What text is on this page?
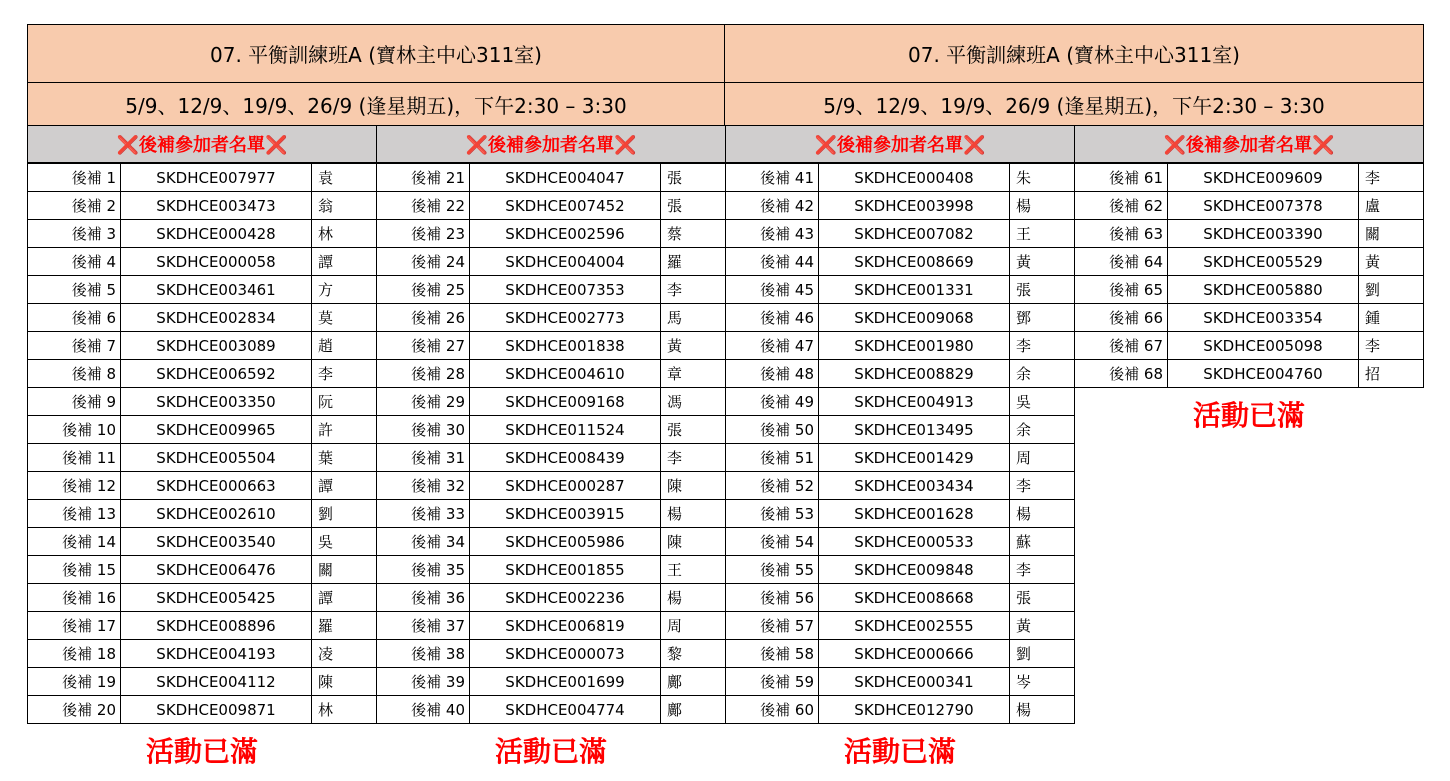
07. 平衡訓練班A (寶林主中心311室)
5/9、12/9、19/9、26/9 (逢星期五)，下午2:30 – 3:30
07. 平衡訓練班A (寶林主中心311室)
5/9、12/9、19/9、26/9 (逢星期五)，下午2:30 – 3:30
❌後補參加者名單❌
後補 1	SKDHCE007977	袁
後補 2	SKDHCE003473	翁
後補 3	SKDHCE000428	林
後補 4	SKDHCE000058	譚
後補 5	SKDHCE003461	方
後補 6	SKDHCE002834	莫
後補 7	SKDHCE003089	趙
後補 8	SKDHCE006592	李
後補 9	SKDHCE003350	阮
後補 10	SKDHCE009965	許
後補 11	SKDHCE005504	葉
後補 12	SKDHCE000663	譚
後補 13	SKDHCE002610	劉
後補 14	SKDHCE003540	吳
後補 15	SKDHCE006476	關
後補 16	SKDHCE005425	譚
後補 17	SKDHCE008896	羅
後補 18	SKDHCE004193	凌
後補 19	SKDHCE004112	陳
後補 20	SKDHCE009871	林
活動已滿
❌後補參加者名單❌
後補 21	SKDHCE004047	張
後補 22	SKDHCE007452	張
後補 23	SKDHCE002596	蔡
後補 24	SKDHCE004004	羅
後補 25	SKDHCE007353	李
後補 26	SKDHCE002773	馬
後補 27	SKDHCE001838	黃
後補 28	SKDHCE004610	章
後補 29	SKDHCE009168	馮
後補 30	SKDHCE011524	張
後補 31	SKDHCE008439	李
後補 32	SKDHCE000287	陳
後補 33	SKDHCE003915	楊
後補 34	SKDHCE005986	陳
後補 35	SKDHCE001855	王
後補 36	SKDHCE002236	楊
後補 37	SKDHCE006819	周
後補 38	SKDHCE000073	黎
後補 39	SKDHCE001699	鄺
後補 40	SKDHCE004774	鄺
活動已滿
❌後補參加者名單❌
後補 41	SKDHCE000408	朱
後補 42	SKDHCE003998	楊
後補 43	SKDHCE007082	王
後補 44	SKDHCE008669	黃
後補 45	SKDHCE001331	張
後補 46	SKDHCE009068	鄧
後補 47	SKDHCE001980	李
後補 48	SKDHCE008829	余
後補 49	SKDHCE004913	吳
後補 50	SKDHCE013495	余
後補 51	SKDHCE001429	周
後補 52	SKDHCE003434	李
後補 53	SKDHCE001628	楊
後補 54	SKDHCE000533	蘇
後補 55	SKDHCE009848	李
後補 56	SKDHCE008668	張
後補 57	SKDHCE002555	黃
後補 58	SKDHCE000666	劉
後補 59	SKDHCE000341	岑
後補 60	SKDHCE012790	楊
活動已滿
❌後補參加者名單❌
後補 61	SKDHCE009609	李
後補 62	SKDHCE007378	盧
後補 63	SKDHCE003390	關
後補 64	SKDHCE005529	黃
後補 65	SKDHCE005880	劉
後補 66	SKDHCE003354	鍾
後補 67	SKDHCE005098	李
後補 68	SKDHCE004760	招
活動已滿
